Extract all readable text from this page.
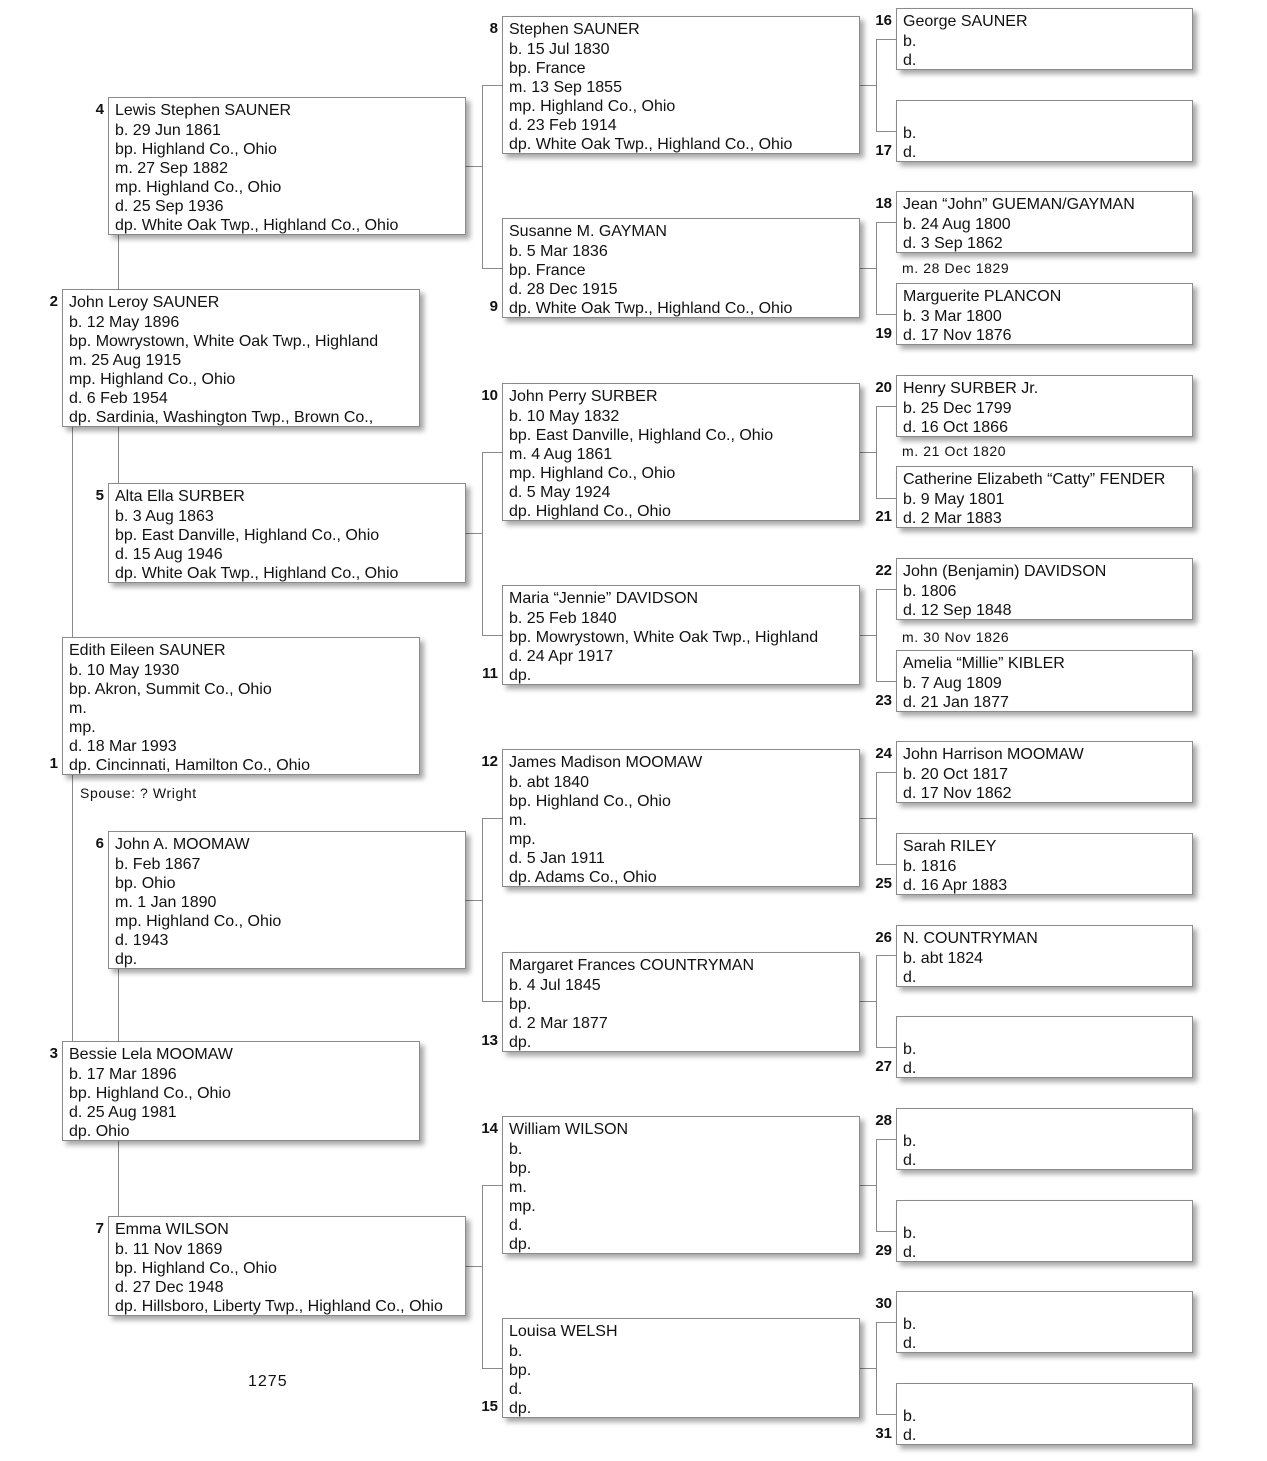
1275
Spouse: ? Wright
m. 28 Dec 1829
m. 21 Oct 1820
m. 30 Nov 1826
Edith Eileen SAUNER
b. 10 May 1930
bp. Akron, Summit Co., Ohio
m.
mp.
d. 18 Mar 1993
dp. Cincinnati, Hamilton Co., Ohio
1
John Leroy SAUNER
b. 12 May 1896
bp. Mowrystown, White Oak Twp., Highland
m. 25 Aug 1915
mp. Highland Co., Ohio
d. 6 Feb 1954
dp. Sardinia, Washington Twp., Brown Co.,
2
Bessie Lela MOOMAW
b. 17 Mar 1896
bp. Highland Co., Ohio
d. 25 Aug 1981
dp. Ohio
3
Lewis Stephen SAUNER
b. 29 Jun 1861
bp. Highland Co., Ohio
m. 27 Sep 1882
mp. Highland Co., Ohio
d. 25 Sep 1936
dp. White Oak Twp., Highland Co., Ohio
4
Alta Ella SURBER
b. 3 Aug 1863
bp. East Danville, Highland Co., Ohio
d. 15 Aug 1946
dp. White Oak Twp., Highland Co., Ohio
5
John A. MOOMAW
b. Feb 1867
bp. Ohio
m. 1 Jan 1890
mp. Highland Co., Ohio
d. 1943
dp.
6
Emma WILSON
b. 11 Nov 1869
bp. Highland Co., Ohio
d. 27 Dec 1948
dp. Hillsboro, Liberty Twp., Highland Co., Ohio
7
Stephen SAUNER
b. 15 Jul 1830
bp. France
m. 13 Sep 1855
mp. Highland Co., Ohio
d. 23 Feb 1914
dp. White Oak Twp., Highland Co., Ohio
8
Susanne M. GAYMAN
b. 5 Mar 1836
bp. France
d. 28 Dec 1915
dp. White Oak Twp., Highland Co., Ohio
9
John Perry SURBER
b. 10 May 1832
bp. East Danville, Highland Co., Ohio
m. 4 Aug 1861
mp. Highland Co., Ohio
d. 5 May 1924
dp. Highland Co., Ohio
10
Maria “Jennie” DAVIDSON
b. 25 Feb 1840
bp. Mowrystown, White Oak Twp., Highland
d. 24 Apr 1917
dp.
11
James Madison MOOMAW
b. abt 1840
bp. Highland Co., Ohio
m.
mp.
d. 5 Jan 1911
dp. Adams Co., Ohio
12
Margaret Frances COUNTRYMAN
b. 4 Jul 1845
bp.
d. 2 Mar 1877
dp.
13
William WILSON
b.
bp.
m.
mp.
d.
dp.
14
Louisa WELSH
b.
bp.
d.
dp.
15
George SAUNER
b.
d.
16
b.
d.
17
Jean “John” GUEMAN/GAYMAN
b. 24 Aug 1800
d. 3 Sep 1862
18
Marguerite PLANCON
b. 3 Mar 1800
d. 17 Nov 1876
19
Henry SURBER Jr.
b. 25 Dec 1799
d. 16 Oct 1866
20
Catherine Elizabeth “Catty” FENDER
b. 9 May 1801
d. 2 Mar 1883
21
John (Benjamin) DAVIDSON
b. 1806
d. 12 Sep 1848
22
Amelia “Millie” KIBLER
b. 7 Aug 1809
d. 21 Jan 1877
23
John Harrison MOOMAW
b. 20 Oct 1817
d. 17 Nov 1862
24
Sarah RILEY
b. 1816
d. 16 Apr 1883
25
N. COUNTRYMAN
b. abt 1824
d.
26
b.
d.
27
b.
d.
28
b.
d.
29
b.
d.
30
b.
d.
31
